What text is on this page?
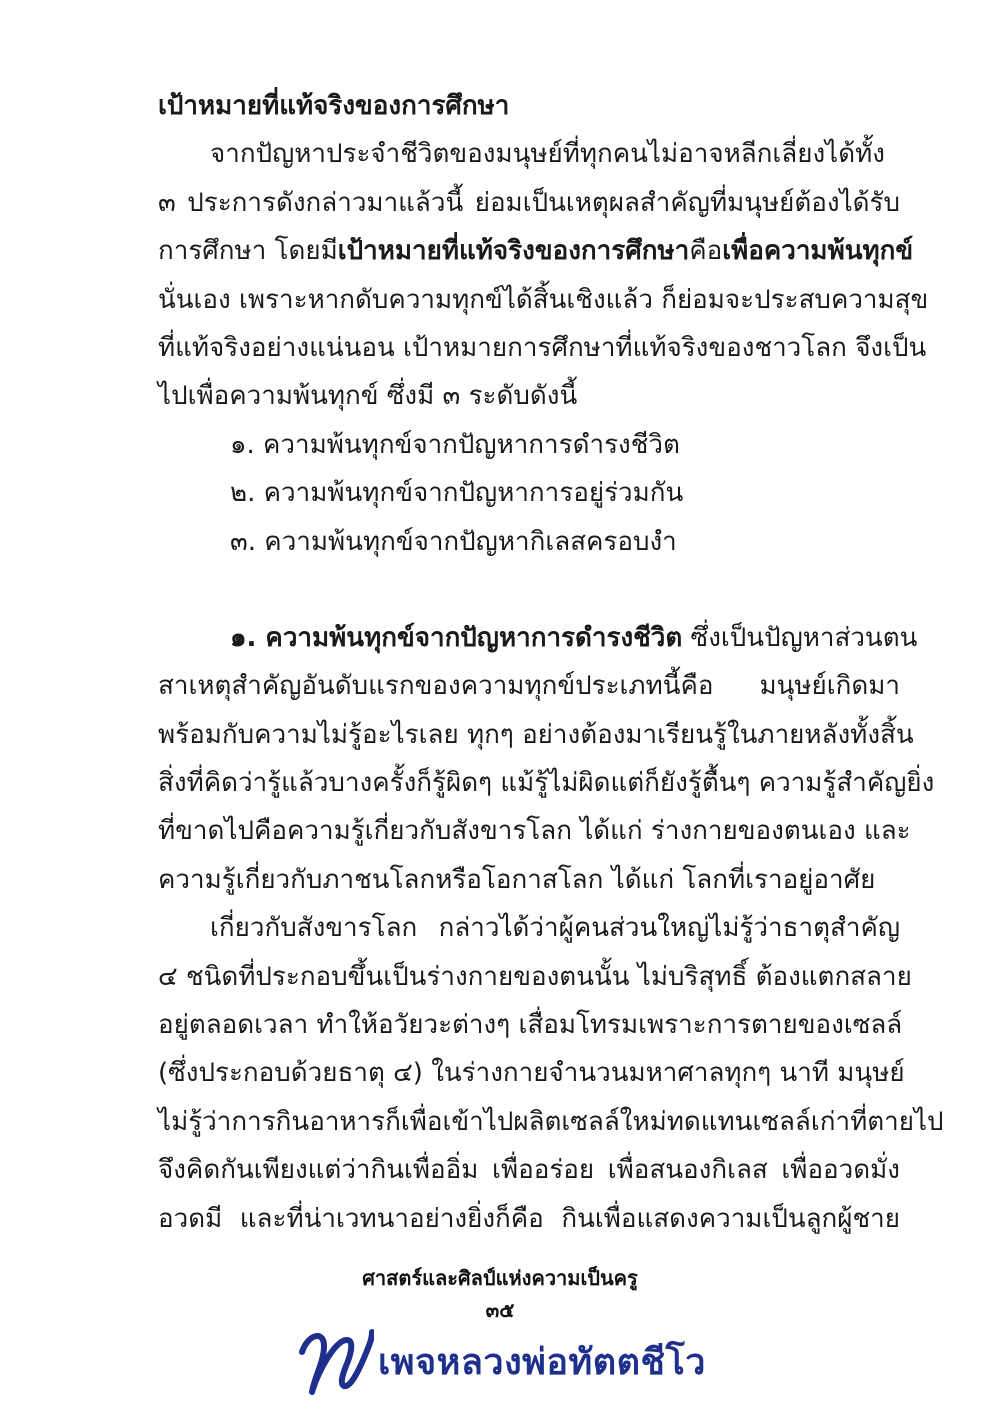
เป้าหมายที่แท้จริงของการศึกษา
จากปัญหาประจำชีวิตของมนุษย์ที่ทุกคนไม่อาจหลีกเลี่ยงได้ทั้ง
๓ ประการดังกล่าวมาแล้วนี้ ย่อมเป็นเหตุผลสำคัญที่มนุษย์ต้องได้รับ
การศึกษา โดยมีเป้าหมายที่แท้จริงของการศึกษาคือเพื่อความพ้นทุกข์
นั่นเอง เพราะหากดับความทุกข์ได้สิ้นเชิงแล้ว ก็ย่อมจะประสบความสุข
ที่แท้จริงอย่างแน่นอน เป้าหมายการศึกษาที่แท้จริงของชาวโลก จึงเป็น
ไปเพื่อความพ้นทุกข์ ซึ่งมี ๓ ระดับดังนี้
๑. ความพ้นทุกข์จากปัญหาการดำรงชีวิต
๒. ความพ้นทุกข์จากปัญหาการอยู่ร่วมกัน
๓. ความพ้นทุกข์จากปัญหากิเลสครอบงำ
๑. ความพ้นทุกข์จากปัญหาการดำรงชีวิต ซึ่งเป็นปัญหาส่วนตน
สาเหตุสำคัญอันดับแรกของความทุกข์ประเภทนี้คือ มนุษย์เกิดมา
พร้อมกับความไม่รู้อะไรเลย ทุกๆ อย่างต้องมาเรียนรู้ในภายหลังทั้งสิ้น
สิ่งที่คิดว่ารู้แล้วบางครั้งก็รู้ผิดๆ แม้รู้ไม่ผิดแต่ก็ยังรู้ตื้นๆ ความรู้สำคัญยิ่ง
ที่ขาดไปคือความรู้เกี่ยวกับสังขารโลก ได้แก่ ร่างกายของตนเอง และ
ความรู้เกี่ยวกับภาชนโลกหรือโอกาสโลก ได้แก่ โลกที่เราอยู่อาศัย
เกี่ยวกับสังขารโลก กล่าวได้ว่าผู้คนส่วนใหญ่ไม่รู้ว่าธาตุสำคัญ
๔ ชนิดที่ประกอบขึ้นเป็นร่างกายของตนนั้น ไม่บริสุทธิ์ ต้องแตกสลาย
อยู่ตลอดเวลา ทำให้อวัยวะต่างๆ เสื่อมโทรมเพราะการตายของเซลล์
(ซึ่งประกอบด้วยธาตุ ๔) ในร่างกายจำนวนมหาศาลทุกๆ นาที มนุษย์
ไม่รู้ว่าการกินอาหารก็เพื่อเข้าไปผลิตเซลล์ใหม่ทดแทนเซลล์เก่าที่ตายไป
จึงคิดกันเพียงแต่ว่ากินเพื่ออิ่ม เพื่ออร่อย เพื่อสนองกิเลส เพื่ออวดมั่ง
อวดมี และที่น่าเวทนาอย่างยิ่งก็คือ กินเพื่อแสดงความเป็นลูกผู้ชาย
ศาสตร์และศิลป์แห่งความเป็นครู
๓๕
เพจหลวงพ่อทัตตชีโว
